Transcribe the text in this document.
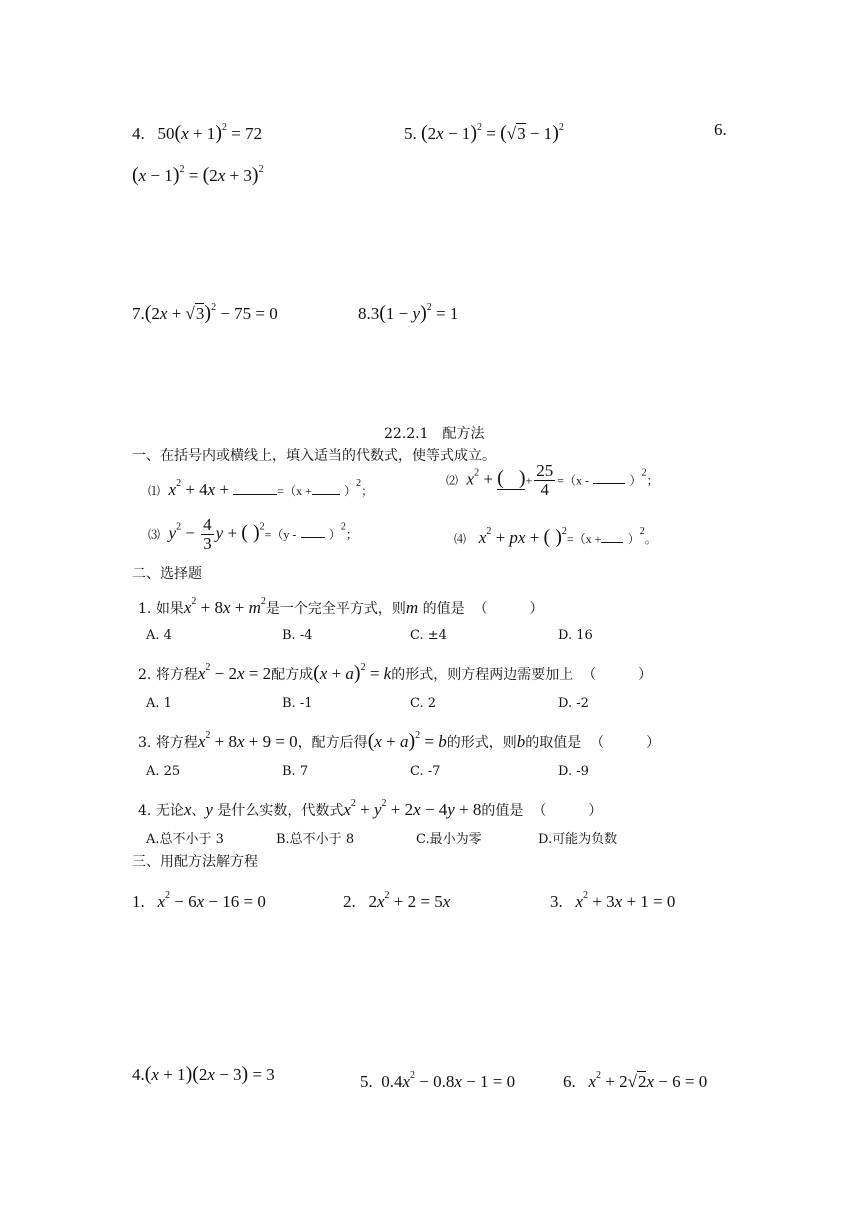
4.   $50(x + 1)^2 = 72$	5. $(2x - 1)^2 = (√3 - 1)^2$	6.
$(x - 1)^2 = (2x + 3)^2$
$7.(2x + √3)^2 - 75 = 0$	$8.3(1 - y)^2 = 1$
22.2.1　配方法
一、在括号内或横线上，填入适当的代数式，使等式成立。
⑴ $x^2 + 4x$ +	=（x +	）$^2$；
⑵ $x^2$ + (   )+ $\frac{25}{4} =(x$ -	）$^2$；
⑶ $y^2 - \frac{4}{3}$ y + ( )$^2$=（y -	）$^2$；	⑷ $x^2$ + px + ( )$^2=(x + )^2$。
二、选择题
1. 如果$x^2 + 8x + m^2$是一个完全平方式，则m 的值是 （　　　）
A. 4	B. -4	C. ±4	D. 16
2. 将方程$x^2 - 2x = 2$配方成$(x + a)^2 = k$的形式，则方程两边需要加上 （　　　）
A. 1	B. -1	C. 2	D. -2
3. 将方程$x^2 + 8x + 9 = 0$，配方后得$(x + a)^2 = b$的形式，则b的取值是 （　　　）
A. 25	B. 7	C. -7	D. -9
4. 无论x、y 是什么实数，代数式$x^2 + y^2 + 2x - 4y + 8$的值是 （　　　）
A.总不小于 3	B.总不小于 8	C.最小为零	D.可能为负数
三、用配方法解方程
1. $x^2 - 6x - 16 = 0$	2.   $2x^2 + 2 = 5x$	3. $x^2 + 3x + 1 = 0$
4.(x + 1)(2x − 3) = 3	5.  $0.4x^2 - 0.8x - 1 = 0$	6. $x^2 + 2√2x - 6 = 0$
